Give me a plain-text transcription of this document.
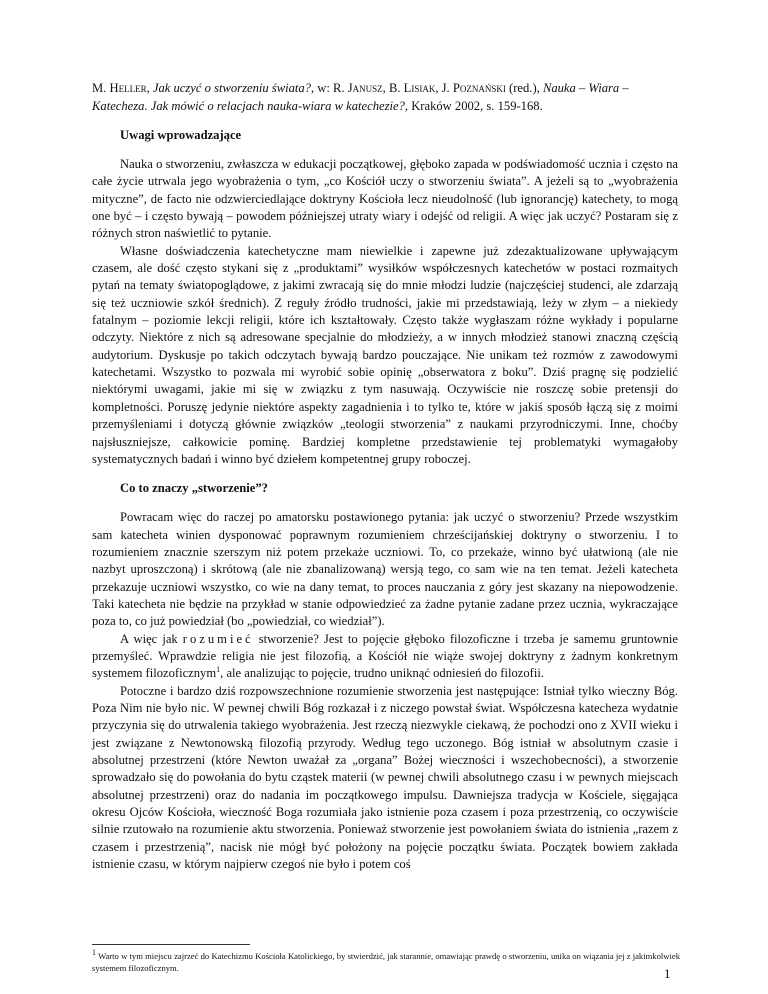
M. Heller, Jak uczyć o stworzeniu świata?, w: R. Janusz, B. Lisiak, J. Poznański (red.), Nauka – Wiara – Katecheza. Jak mówić o relacjach nauka-wiara w katechezie?, Kraków 2002, s. 159-168.

Uwagi wprowadzające

Nauka o stworzeniu, zwłaszcza w edukacji początkowej, głęboko zapada w podświadomość ucznia i często na całe życie utrwala jego wyobrażenia o tym, „co Kościół uczy o stworzeniu świata”. A jeżeli są to „wyobrażenia mityczne”, de facto nie odzwierciedlające doktryny Kościoła lecz nieudolność (lub ignorancję) katechety, to mogą one być – i często bywają – powodem późniejszej utraty wiary i odejść od religii. A więc jak uczyć? Postaram się z różnych stron naświetlić to pytanie.

Własne doświadczenia katechetyczne mam niewielkie i zapewne już zdezaktualizowane upływającym czasem, ale dość często stykani się z „produktami” wysiłków współczesnych katechetów w postaci rozmaitych pytań na tematy światopoglądowe, z jakimi zwracają się do mnie młodzi ludzie (najczęściej studenci, ale zdarzają się też uczniowie szkół średnich). Z reguły źródło trudności, jakie mi przedstawiają, leży w złym – a niekiedy fatalnym – poziomie lekcji religii, które ich kształtowały. Często także wygłaszam różne wykłady i popularne odczyty. Niektóre z nich są adresowane specjalnie do młodzieży, a w innych młodzież stanowi znaczną częścią audytorium. Dyskusje po takich odczytach bywają bardzo pouczające. Nie unikam też rozmów z zawodowymi katechetami. Wszystko to pozwala mi wyrobić sobie opinię „obserwatora z boku”. Dziś pragnę się podzielić niektórymi uwagami, jakie mi się w związku z tym nasuwają. Oczywiście nie roszczę sobie pretensji do kompletności. Poruszę jedynie niektóre aspekty zagadnienia i to tylko te, które w jakiś sposób łączą się z moimi przemyśleniami i dotyczą głównie związków „teologii stworzenia” z naukami przyrodniczymi. Inne, choćby najsłuszniejsze, całkowicie pominę. Bardziej kompletne przedstawienie tej problematyki wymagałoby systematycznych badań i winno być dziełem kompetentnej grupy roboczej.

Co to znaczy „stworzenie”?

Powracam więc do raczej po amatorsku postawionego pytania: jak uczyć o stworzeniu? Przede wszystkim sam katecheta winien dysponować poprawnym rozumieniem chrześcijańskiej doktryny o stworzeniu. I to rozumieniem znacznie szerszym niż potem przekaże uczniowi. To, co przekaże, winno być ułatwioną (ale nie nazbyt uproszczoną) i skrótową (ale nie zbanalizowaną) wersją tego, co sam wie na ten temat. Jeżeli katecheta przekazuje uczniowi wszystko, co wie na dany temat, to proces nauczania z góry jest skazany na niepowodzenie. Taki katecheta nie będzie na przykład w stanie odpowiedzieć za żadne pytanie zadane przez ucznia, wykraczające poza to, co już powiedział (bo „powiedział, co wiedział”).

A więc jak rozumieć stworzenie? Jest to pojęcie głęboko filozoficzne i trzeba je samemu gruntownie przemyśleć. Wprawdzie religia nie jest filozofią, a Kościół nie wiąże swojej doktryny z żadnym konkretnym systemem filozoficznym$^1$, ale analizując to pojęcie, trudno uniknąć odniesień do filozofii.

Potoczne i bardzo dziś rozpowszechnione rozumienie stworzenia jest następujące: Istniał tylko wieczny Bóg. Poza Nim nie było nic. W pewnej chwili Bóg rozkazał i z niczego powstał świat. Współczesna katecheza wydatnie przyczynia się do utrwalenia takiego wyobrażenia. Jest rzeczą niezwykle ciekawą, że pochodzi ono z XVII wieku i jest związane z Newtonowską filozofią przyrody. Według tego uczonego. Bóg istniał w absolutnym czasie i absolutnej przestrzeni (które Newton uważał za „organa” Bożej wieczności i wszechobecności), a stworzenie sprowadzało się do powołania do bytu cząstek materii (w pewnej chwili absolutnego czasu i w pewnych miejscach absolutnej przestrzeni) oraz do nadania im początkowego impulsu. Dawniejsza tradycja w Kościele, sięgająca okresu Ojców Kościoła, wieczność Boga rozumiała jako istnienie poza czasem i poza przestrzenią, co oczywiście silnie rzutowało na rozumienie aktu stworzenia. Ponieważ stworzenie jest powołaniem świata do istnienia „razem z czasem i przestrzenią”, nacisk nie mógł być położony na pojęcie początku świata. Początek bowiem zakłada istnienie czasu, w którym najpierw czegoś nie było i potem coś

$^1$ Warto w tym miejscu zajrzeć do Katechizmu Kościoła Katolickiego, by stwierdzić, jak starannie, omawiając prawdę o stworzeniu, unika on wiązania jej z jakimkolwiek systemem filozoficznym.	1
